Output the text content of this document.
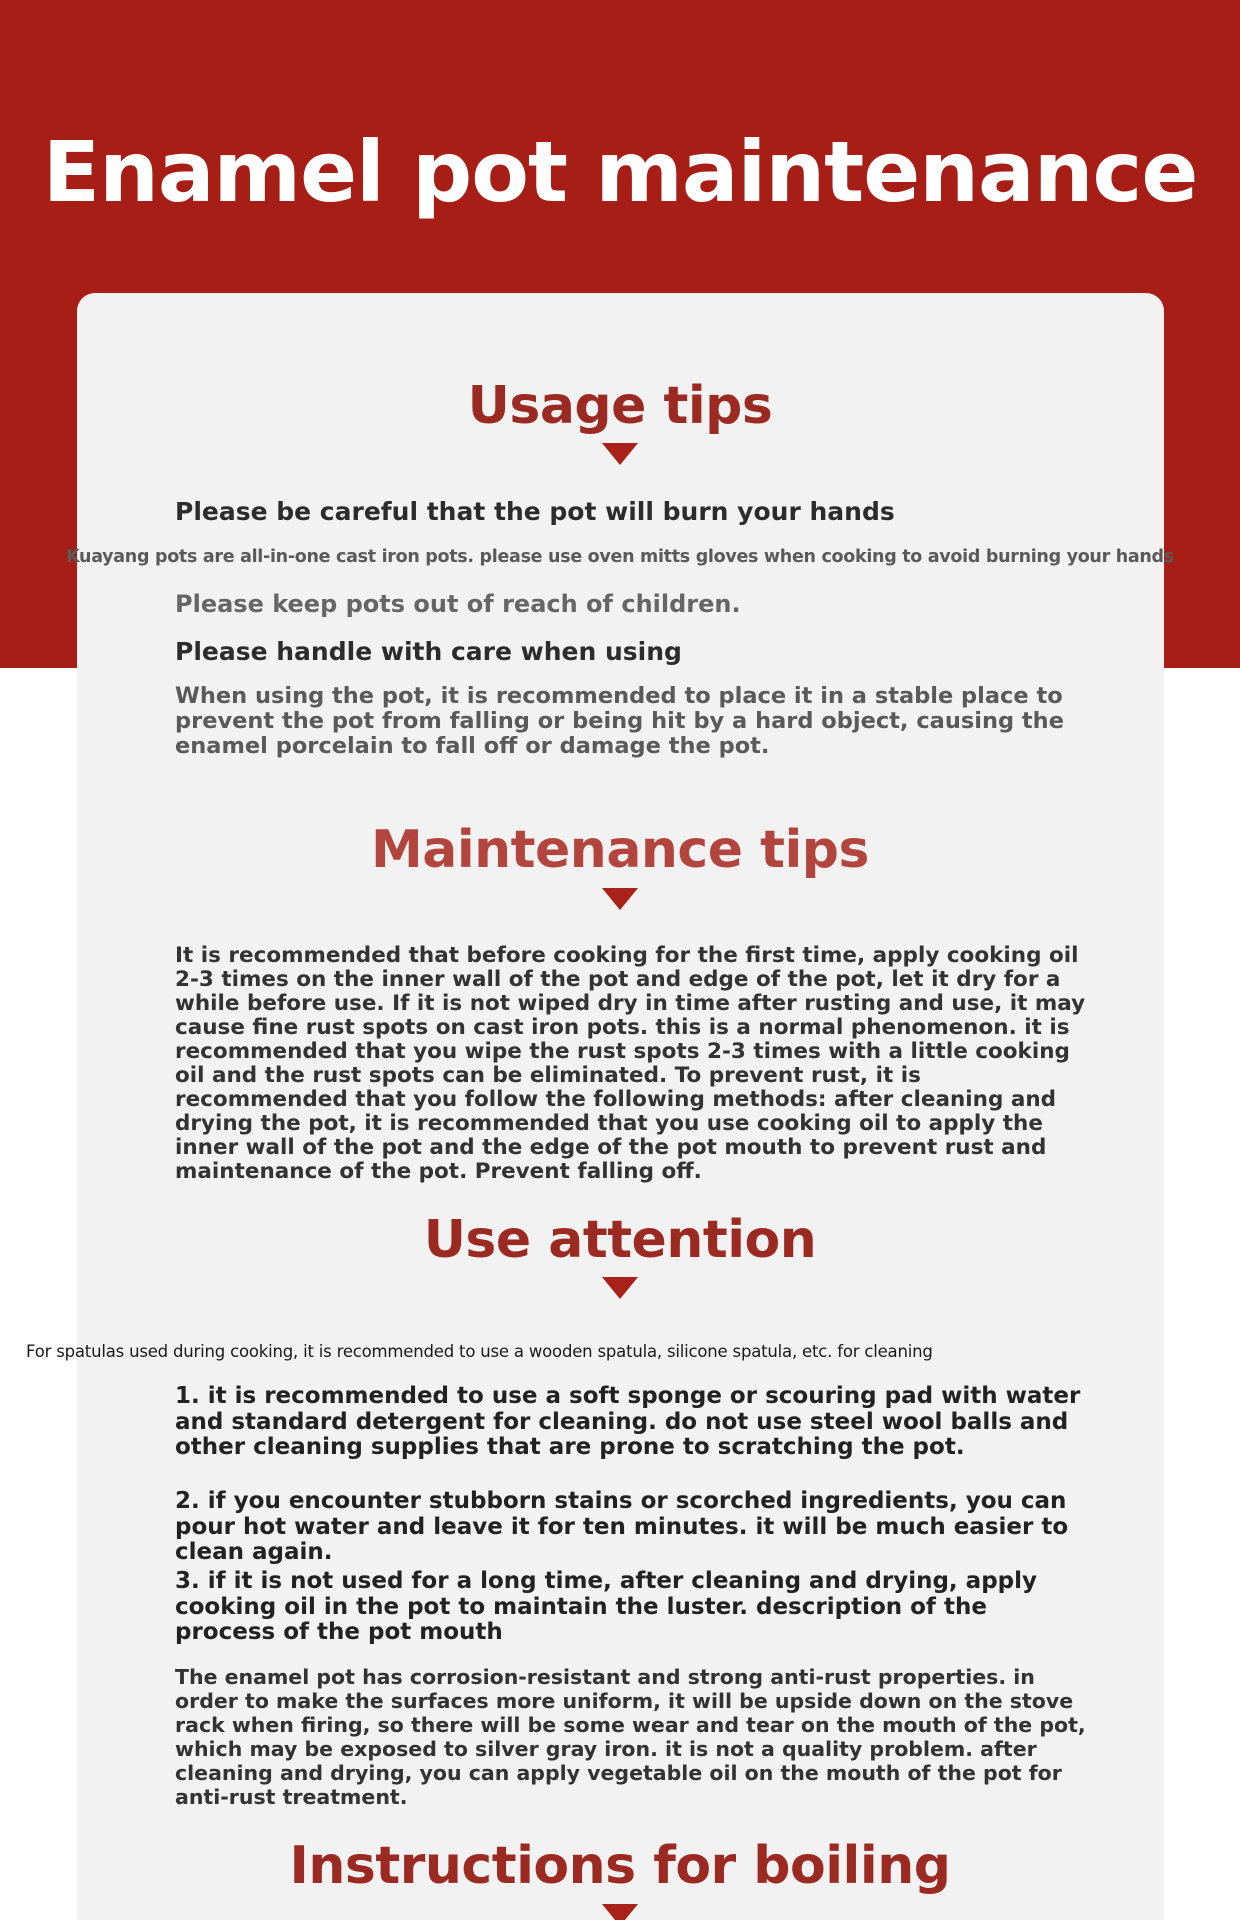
Enamel pot maintenance
Usage tips
Please be careful that the pot will burn your hands
Kuayang pots are all-in-one cast iron pots. please use oven mitts gloves when cooking to avoid burning your hands
Please keep pots out of reach of children.
Please handle with care when using
When using the pot, it is recommended to place it in a stable place to prevent the pot from falling or being hit by a hard object, causing the enamel porcelain to fall off or damage the pot.
Maintenance tips
It is recommended that before cooking for the first time, apply cooking oil 2-3 times on the inner wall of the pot and edge of the pot, let it dry for a while before use. If it is not wiped dry in time after rusting and use, it may cause fine rust spots on cast iron pots. this is a normal phenomenon. it is recommended that you wipe the rust spots 2-3 times with a little cooking oil and the rust spots can be eliminated. To prevent rust, it is recommended that you follow the following methods: after cleaning and drying the pot, it is recommended that you use cooking oil to apply the inner wall of the pot and the edge of the pot mouth to prevent rust and maintenance of the pot. Prevent falling off.
Use attention
For spatulas used during cooking, it is recommended to use a wooden spatula, silicone spatula, etc. for cleaning
1. it is recommended to use a soft sponge or scouring pad with water and standard detergent for cleaning. do not use steel wool balls and other cleaning supplies that are prone to scratching the pot.
2. if you encounter stubborn stains or scorched ingredients, you can pour hot water and leave it for ten minutes. it will be much easier to clean again.
3. if it is not used for a long time, after cleaning and drying, apply cooking oil in the pot to maintain the luster. description of the process of the pot mouth
The enamel pot has corrosion-resistant and strong anti-rust properties. in order to make the surfaces more uniform, it will be upside down on the stove rack when firing, so there will be some wear and tear on the mouth of the pot, which may be exposed to silver gray iron. it is not a quality problem. after cleaning and drying, you can apply vegetable oil on the mouth of the pot for anti-rust treatment.
Instructions for boiling
